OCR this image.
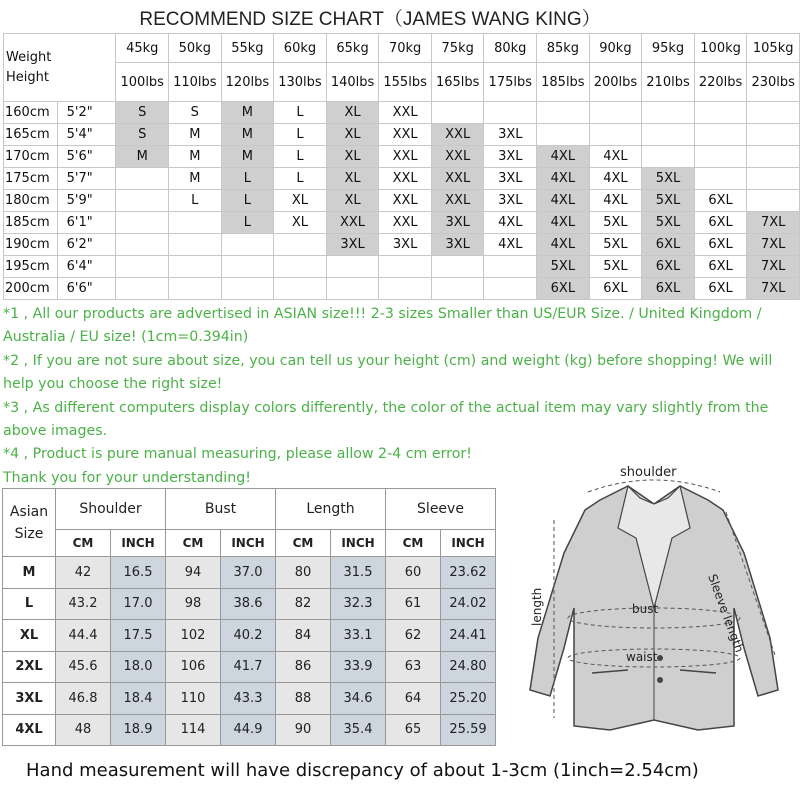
RECOMMEND SIZE CHART（JAMES WANG KING）
Weight
Height		45kg	50kg	55kg	60kg	65kg	70kg	75kg	80kg	85kg	90kg	95kg	100kg	105kg
		100lbs	110lbs	120lbs	130lbs	140lbs	155lbs	165lbs	175lbs	185lbs	200lbs	210lbs	220lbs	230lbs
160cm	5'2"	S	S	M	L	XL	XXL							
165cm	5'4"	S	M	M	L	XL	XXL	XXL	3XL					
170cm	5'6"	M	M	M	L	XL	XXL	XXL	3XL	4XL	4XL			
175cm	5'7"		M	L	L	XL	XXL	XXL	3XL	4XL	4XL	5XL		
180cm	5'9"		L	L	XL	XL	XXL	XXL	3XL	4XL	4XL	5XL	6XL	
185cm	6'1"			L	XL	XXL	XXL	3XL	4XL	4XL	5XL	5XL	6XL	7XL
190cm	6'2"					3XL	3XL	3XL	4XL	4XL	5XL	6XL	6XL	7XL
195cm	6'4"									5XL	5XL	6XL	6XL	7XL
200cm	6'6"									6XL	6XL	6XL	6XL	7XL

*1 , All our products are advertised in ASIAN size!!! 2-3 sizes Smaller than US/EUR Size. / United Kingdom / Australia / EU size! (1cm=0.394in)

*2 , If you are not sure about size, you can tell us your height (cm) and weight (kg) before shopping! We will help you choose the right size!

*3 , As different computers display colors differently, the color of the actual item may vary slightly from the above images.

*4 , Product is pure manual measuring, please allow 2-4 cm error!

Thank you for your understanding!

Asian
Size	Shoulder		Bust		Length		Sleeve	
	CM	INCH	CM	INCH	CM	INCH	CM	INCH
M	42	16.5	94	37.0	80	31.5	60	23.62
L	43.2	17.0	98	38.6	82	32.3	61	24.02
XL	44.4	17.5	102	40.2	84	33.1	62	24.41
2XL	45.6	18.0	106	41.7	86	33.9	63	24.80
3XL	46.8	18.4	110	43.3	88	34.6	64	25.20
4XL	48	18.9	114	44.9	90	35.4	65	25.59
shoulder
length	bust
waist
Sleeve length
Hand measurement will have discrepancy of about 1-3cm (1inch=2.54cm)
